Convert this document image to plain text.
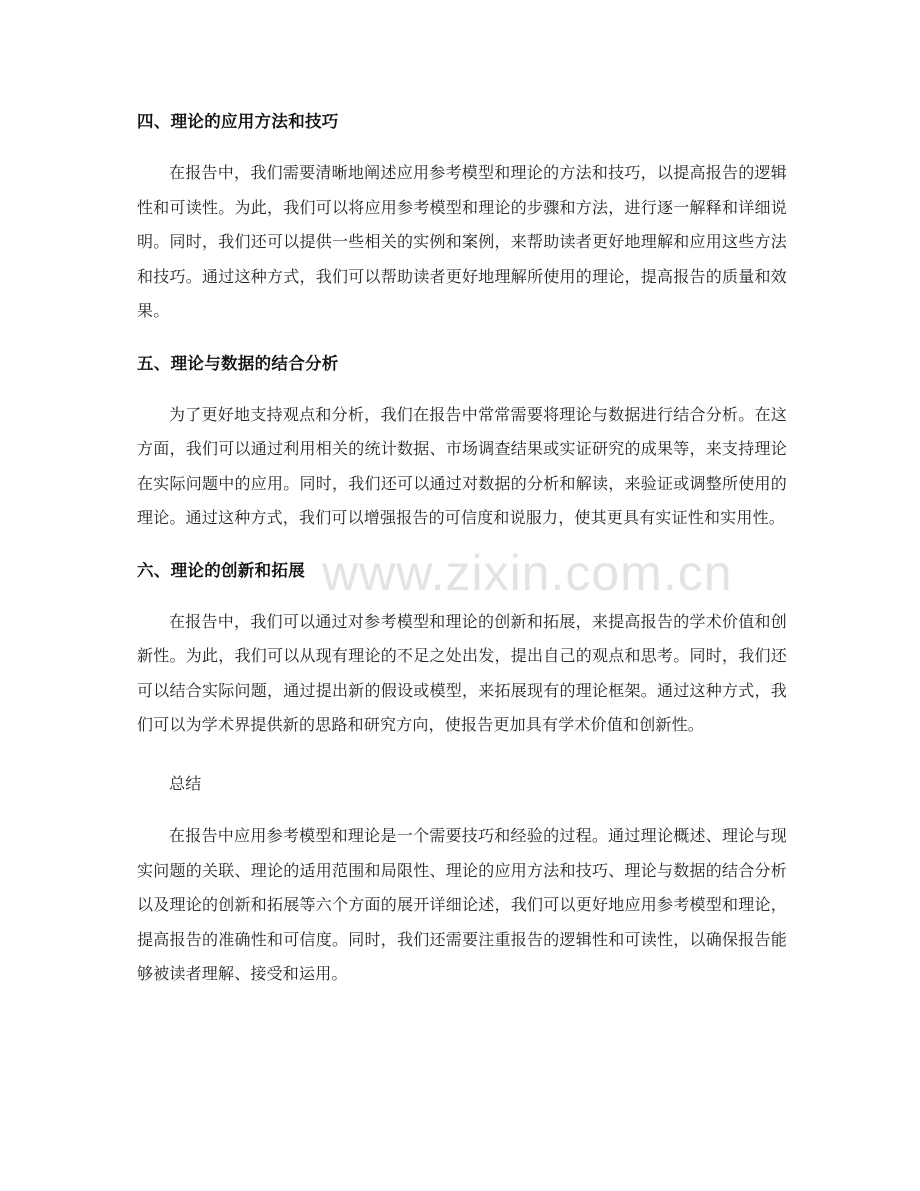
四、理论的应用方法和技巧

在报告中，我们需要清晰地阐述应用参考模型和理论的方法和技巧，以提高报告的逻辑性和可读性。为此，我们可以将应用参考模型和理论的步骤和方法，进行逐一解释和详细说明。同时，我们还可以提供一些相关的实例和案例，来帮助读者更好地理解和应用这些方法和技巧。通过这种方式，我们可以帮助读者更好地理解所使用的理论，提高报告的质量和效果。

五、理论与数据的结合分析

为了更好地支持观点和分析，我们在报告中常常需要将理论与数据进行结合分析。在这方面，我们可以通过利用相关的统计数据、市场调查结果或实证研究的成果等，来支持理论在实际问题中的应用。同时，我们还可以通过对数据的分析和解读，来验证或调整所使用的理论。通过这种方式，我们可以增强报告的可信度和说服力，使其更具有实证性和实用性。

六、理论的创新和拓展

在报告中，我们可以通过对参考模型和理论的创新和拓展，来提高报告的学术价值和创新性。为此，我们可以从现有理论的不足之处出发，提出自己的观点和思考。同时，我们还可以结合实际问题，通过提出新的假设或模型，来拓展现有的理论框架。通过这种方式，我们可以为学术界提供新的思路和研究方向，使报告更加具有学术价值和创新性。

总结

在报告中应用参考模型和理论是一个需要技巧和经验的过程。通过理论概述、理论与现实问题的关联、理论的适用范围和局限性、理论的应用方法和技巧、理论与数据的结合分析以及理论的创新和拓展等六个方面的展开详细论述，我们可以更好地应用参考模型和理论，提高报告的准确性和可信度。同时，我们还需要注重报告的逻辑性和可读性，以确保报告能够被读者理解、接受和运用。

www.zixin.com.cn
